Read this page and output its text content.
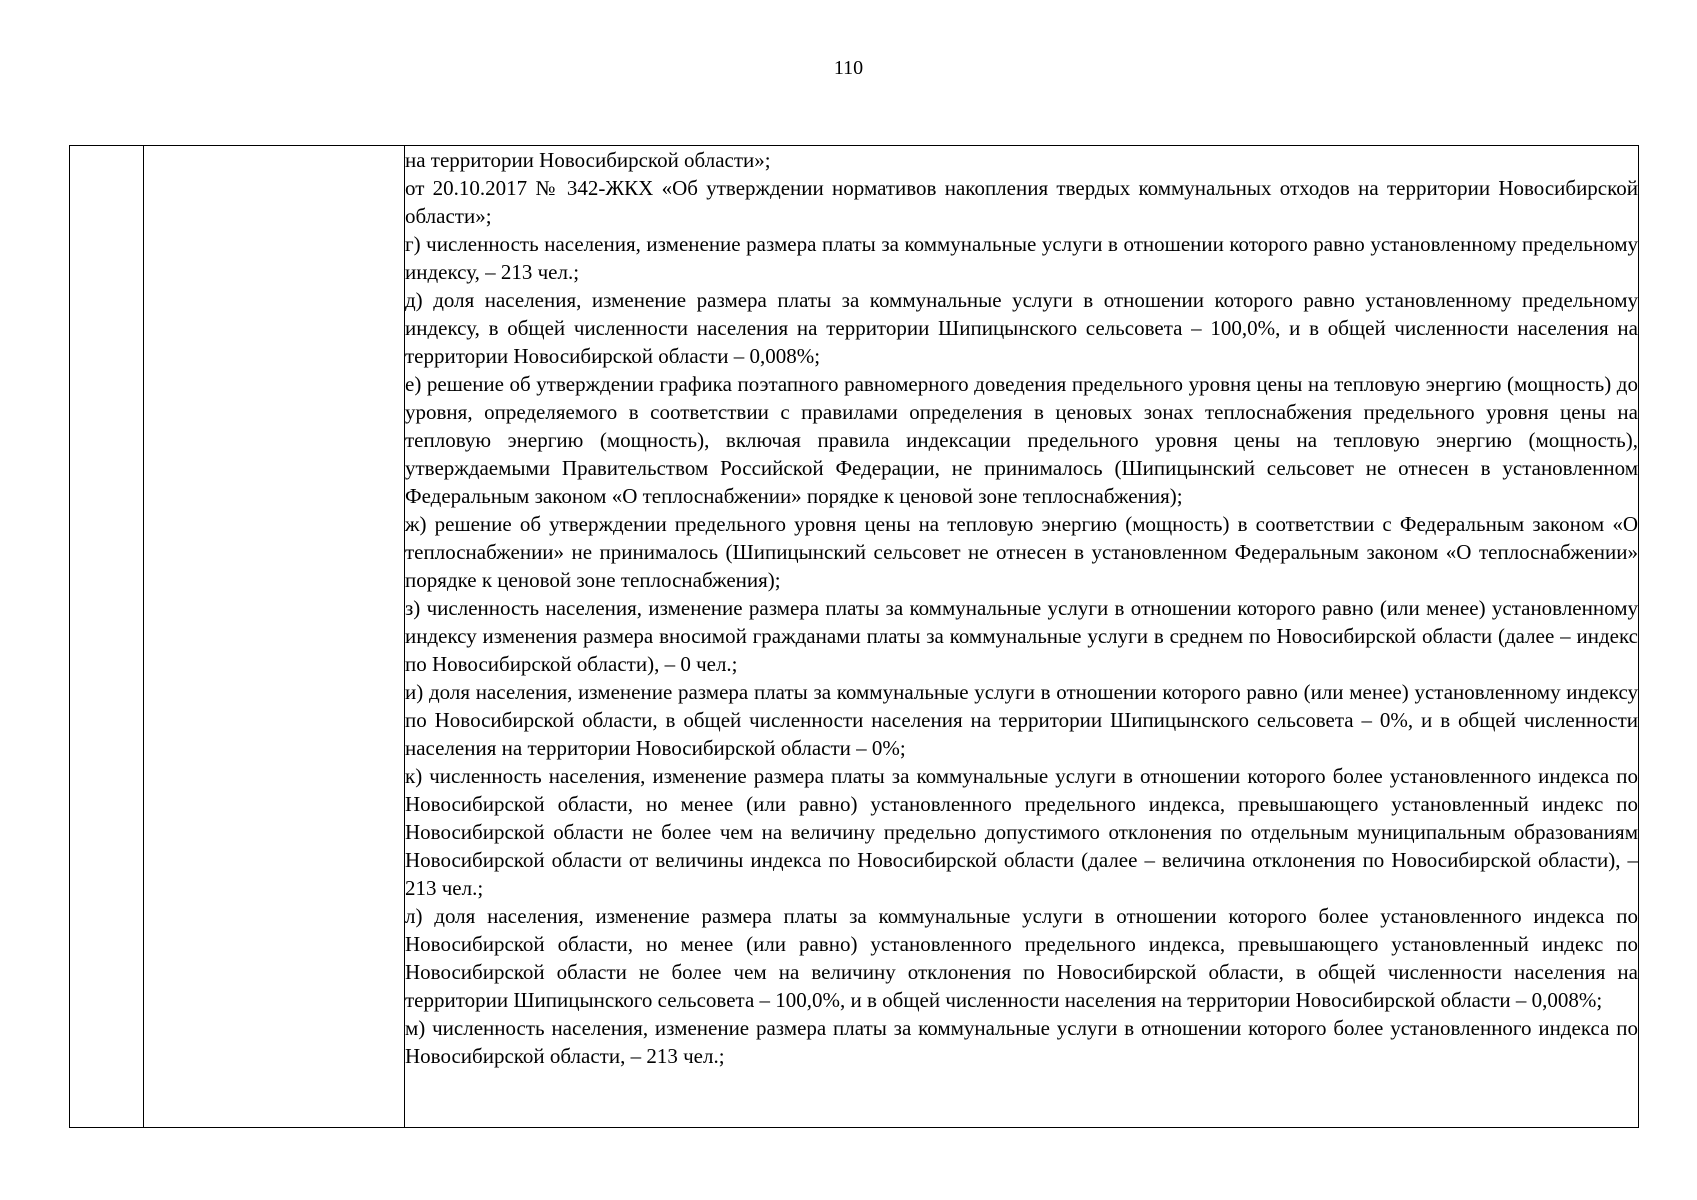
110

на территории Новосибирской области»;

от 20.10.2017 № 342-ЖКХ «Об утверждении нормативов накопления твердых коммунальных отходов на территории Новосибирской области»;

г) численность населения, изменение размера платы за коммунальные услуги в отношении которого равно установленному предельному индексу, – 213 чел.;

д) доля населения, изменение размера платы за коммунальные услуги в отношении которого равно установленному предельному индексу, в общей численности населения на территории Шипицынского сельсовета – 100,0%, и в общей численности населения на территории Новосибирской области – 0,008%;

е) решение об утверждении графика поэтапного равномерного доведения предельного уровня цены на тепловую энергию (мощность) до уровня, определяемого в соответствии с правилами определения в ценовых зонах теплоснабжения предельного уровня цены на тепловую энергию (мощность), включая правила индексации предельного уровня цены на тепловую энергию (мощность), утверждаемыми Правительством Российской Федерации, не принималось (Шипицынский сельсовет не отнесен в установленном Федеральным законом «О теплоснабжении» порядке к ценовой зоне теплоснабжения);

ж) решение об утверждении предельного уровня цены на тепловую энергию (мощность) в соответствии с Федеральным законом «О теплоснабжении» не принималось (Шипицынский сельсовет не отнесен в установленном Федеральным законом «О теплоснабжении» порядке к ценовой зоне теплоснабжения);

з) численность населения, изменение размера платы за коммунальные услуги в отношении которого равно (или менее) установленному индексу изменения размера вносимой гражданами платы за коммунальные услуги в среднем по Новосибирской области (далее – индекс по Новосибирской области), – 0 чел.;

и) доля населения, изменение размера платы за коммунальные услуги в отношении которого равно (или менее) установленному индексу по Новосибирской области, в общей численности населения на территории Шипицынского сельсовета – 0%, и в общей численности населения на территории Новосибирской области – 0%;

к) численность населения, изменение размера платы за коммунальные услуги в отношении которого более установленного индекса по Новосибирской области, но менее (или равно) установленного предельного индекса, превышающего установленный индекс по Новосибирской области не более чем на величину предельно допустимого отклонения по отдельным муниципальным образованиям Новосибирской области от величины индекса по Новосибирской области (далее – величина отклонения по Новосибирской области), – 213 чел.;

л) доля населения, изменение размера платы за коммунальные услуги в отношении которого более установленного индекса по Новосибирской области, но менее (или равно) установленного предельного индекса, превышающего установленный индекс по Новосибирской области не более чем на величину отклонения по Новосибирской области, в общей численности населения на территории Шипицынского сельсовета – 100,0%, и в общей численности населения на территории Новосибирской области – 0,008%;

м) численность населения, изменение размера платы за коммунальные услуги в отношении которого более установленного индекса по Новосибирской области, – 213 чел.;
